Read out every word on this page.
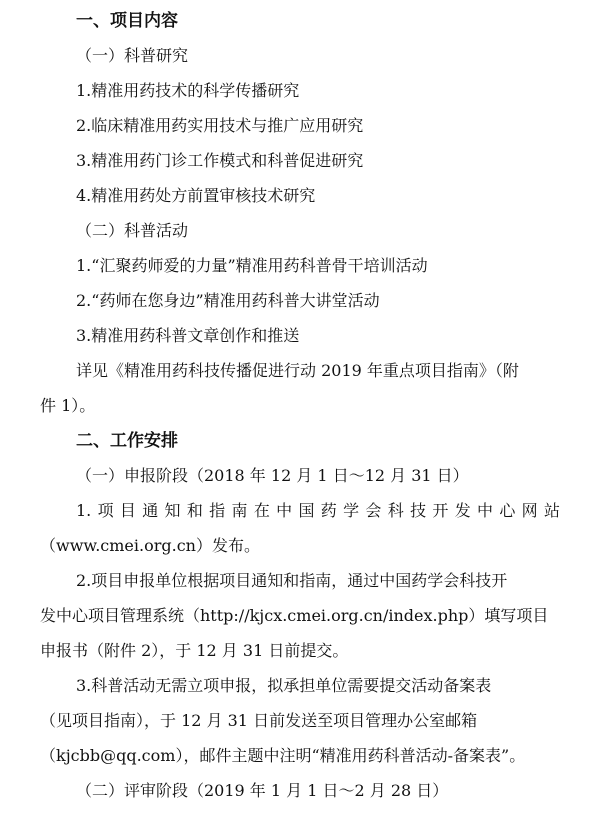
一、项目内容
（一）科普研究
1.精准用药技术的科学传播研究
2.临床精准用药实用技术与推广应用研究
3.精准用药门诊工作模式和科普促进研究
4.精准用药处方前置审核技术研究
（二）科普活动
1.“汇聚药师爱的力量”精准用药科普骨干培训活动
2.“药师在您身边”精准用药科普大讲堂活动
3.精准用药科普文章创作和推送
详见《精准用药科技传播促进行动 2019 年重点项目指南》（附
件 1）。
二、工作安排
（一）申报阶段（2018 年 12 月 1 日～12 月 31 日）
1.项目通知和指南在中国药学会科技开发中心网站
（www.cmei.org.cn）发布。
2.项目申报单位根据项目通知和指南，通过中国药学会科技开
发中心项目管理系统（http://kjcx.cmei.org.cn/index.php）填写项目
申报书（附件 2），于 12 月 31 日前提交。
3.科普活动无需立项申报，拟承担单位需要提交活动备案表
（见项目指南），于 12 月 31 日前发送至项目管理办公室邮箱
（kjcbb@qq.com），邮件主题中注明“精准用药科普活动-备案表”。
（二）评审阶段（2019 年 1 月 1 日～2 月 28 日）
